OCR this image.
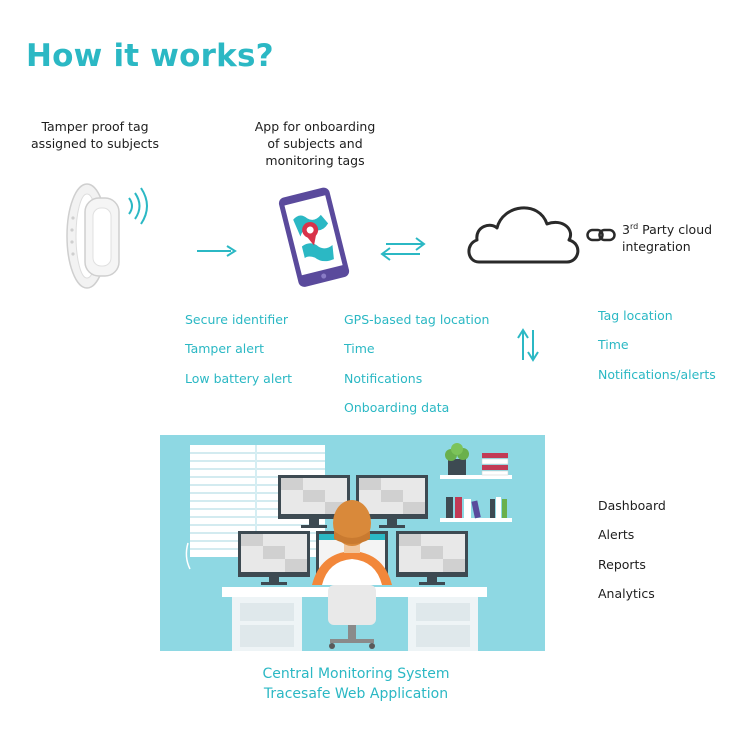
How it works?
Tamper proof tag
assigned to subjects
App for onboarding
of subjects and
monitoring tags
3rd Party cloud
integration
Secure identifier
Tamper alert
Low battery alert
GPS-based tag location
Time
Notifications
Onboarding data
Tag location
Time
Notifications/alerts
Dashboard
Alerts
Reports
Analytics
Central Monitoring System
Tracesafe Web Application
